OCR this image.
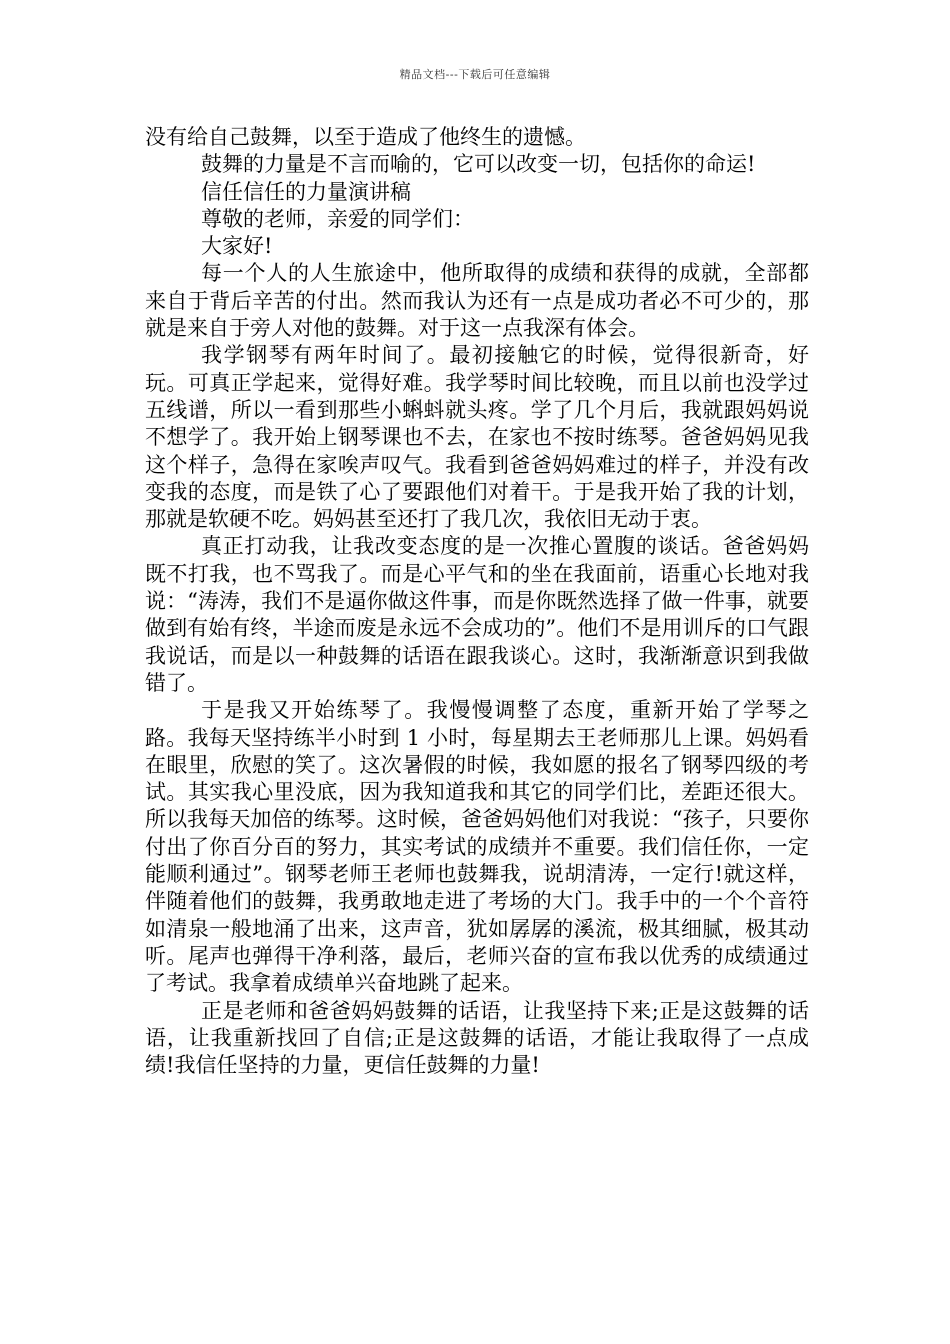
精品文档---下载后可任意编辑

没有给自己鼓舞，以至于造成了他终生的遗憾。

鼓舞的力量是不言而喻的，它可以改变一切，包括你的命运!

信任信任的力量演讲稿

尊敬的老师，亲爱的同学们：

大家好!

每一个人的人生旅途中，他所取得的成绩和获得的成就，全部都来自于背后辛苦的付出。然而我认为还有一点是成功者必不可少的，那就是来自于旁人对他的鼓舞。对于这一点我深有体会。

我学钢琴有两年时间了。最初接触它的时候，觉得很新奇，好玩。可真正学起来，觉得好难。我学琴时间比较晚，而且以前也没学过五线谱，所以一看到那些小蝌蚪就头疼。学了几个月后，我就跟妈妈说不想学了。我开始上钢琴课也不去，在家也不按时练琴。爸爸妈妈见我这个样子，急得在家唉声叹气。我看到爸爸妈妈难过的样子，并没有改变我的态度，而是铁了心了要跟他们对着干。于是我开始了我的计划，那就是软硬不吃。妈妈甚至还打了我几次，我依旧无动于衷。

真正打动我，让我改变态度的是一次推心置腹的谈话。爸爸妈妈既不打我，也不骂我了。而是心平气和的坐在我面前，语重心长地对我说：“涛涛，我们不是逼你做这件事，而是你既然选择了做一件事，就要做到有始有终，半途而废是永远不会成功的”。他们不是用训斥的口气跟我说话，而是以一种鼓舞的话语在跟我谈心。这时，我渐渐意识到我做错了。

于是我又开始练琴了。我慢慢调整了态度，重新开始了学琴之路。我每天坚持练半小时到 1 小时，每星期去王老师那儿上课。妈妈看在眼里，欣慰的笑了。这次暑假的时候，我如愿的报名了钢琴四级的考试。其实我心里没底，因为我知道我和其它的同学们比，差距还很大。所以我每天加倍的练琴。这时候，爸爸妈妈他们对我说：“孩子，只要你付出了你百分百的努力，其实考试的成绩并不重要。我们信任你，一定能顺利通过”。钢琴老师王老师也鼓舞我，说胡清涛，一定行!就这样，伴随着他们的鼓舞，我勇敢地走进了考场的大门。我手中的一个个音符如清泉一般地涌了出来，这声音，犹如孱孱的溪流，极其细腻，极其动听。尾声也弹得干净利落，最后，老师兴奋的宣布我以优秀的成绩通过了考试。我拿着成绩单兴奋地跳了起来。

正是老师和爸爸妈妈鼓舞的话语，让我坚持下来;正是这鼓舞的话语，让我重新找回了自信;正是这鼓舞的话语，才能让我取得了一点成绩!我信任坚持的力量，更信任鼓舞的力量!
